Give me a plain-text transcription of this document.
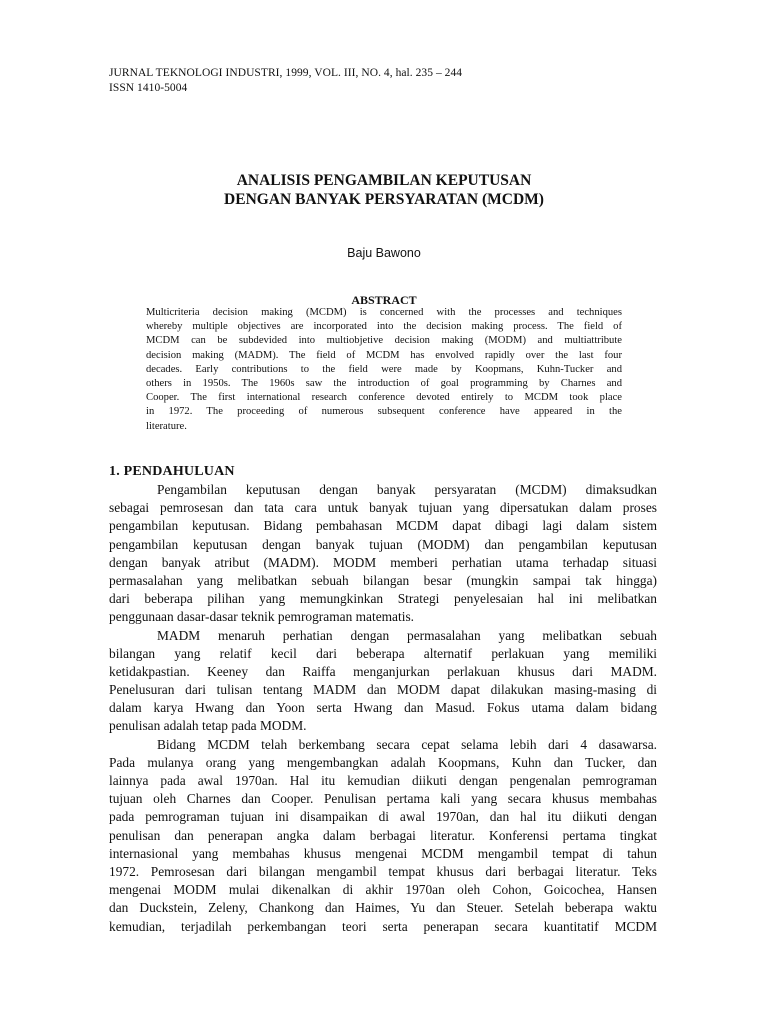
JURNAL TEKNOLOGI INDUSTRI, 1999, VOL. III, NO. 4, hal. 235 – 244
ISSN 1410-5004
ANALISIS PENGAMBILAN KEPUTUSAN
DENGAN BANYAK PERSYARATAN (MCDM)
Baju Bawono
ABSTRACT
Multicriteria decision making (MCDM) is concerned with the processes and techniques
whereby multiple objectives are incorporated into the decision making process. The field of
MCDM can be subdevided into multiobjetive decision making (MODM) and multiattribute
decision making (MADM). The field of MCDM has envolved rapidly over the last four
decades. Early contributions to the field were made by Koopmans, Kuhn-Tucker and
others in 1950s. The 1960s saw the introduction of goal programming by Charnes and
Cooper. The first international research conference devoted entirely to MCDM took place
in 1972. The proceeding of numerous subsequent conference have appeared in the
literature.
1. PENDAHULUAN
Pengambilan keputusan dengan banyak persyaratan (MCDM) dimaksudkan
sebagai pemrosesan dan tata cara untuk banyak tujuan yang dipersatukan dalam proses
pengambilan keputusan. Bidang pembahasan MCDM dapat dibagi lagi dalam sistem
pengambilan keputusan dengan banyak tujuan (MODM) dan pengambilan keputusan
dengan banyak atribut (MADM). MODM memberi perhatian utama terhadap situasi
permasalahan yang melibatkan sebuah bilangan besar (mungkin sampai tak hingga)
dari beberapa pilihan yang memungkinkan Strategi penyelesaian hal ini melibatkan
penggunaan dasar-dasar teknik pemrograman matematis.
MADM menaruh perhatian dengan permasalahan yang melibatkan sebuah
bilangan yang relatif kecil dari beberapa alternatif perlakuan yang memiliki
ketidakpastian. Keeney dan Raiffa menganjurkan perlakuan khusus dari MADM.
Penelusuran dari tulisan tentang MADM dan MODM dapat dilakukan masing-masing di
dalam karya Hwang dan Yoon serta Hwang dan Masud. Fokus utama dalam bidang
penulisan adalah tetap pada MODM.
Bidang MCDM telah berkembang secara cepat selama lebih dari 4 dasawarsa.
Pada mulanya orang yang mengembangkan adalah Koopmans, Kuhn dan Tucker, dan
lainnya pada awal 1970an. Hal itu kemudian diikuti dengan pengenalan pemrograman
tujuan oleh Charnes dan Cooper. Penulisan pertama kali yang secara khusus membahas
pada pemrograman tujuan ini disampaikan di awal 1970an, dan hal itu diikuti dengan
penulisan dan penerapan angka dalam berbagai literatur. Konferensi pertama tingkat
internasional yang membahas khusus mengenai MCDM mengambil tempat di tahun
1972. Pemrosesan dari bilangan mengambil tempat khusus dari berbagai literatur. Teks
mengenai MODM mulai dikenalkan di akhir 1970an oleh Cohon, Goicochea, Hansen
dan Duckstein, Zeleny, Chankong dan Haimes, Yu dan Steuer. Setelah beberapa waktu
kemudian, terjadilah perkembangan teori serta penerapan secara kuantitatif MCDM
